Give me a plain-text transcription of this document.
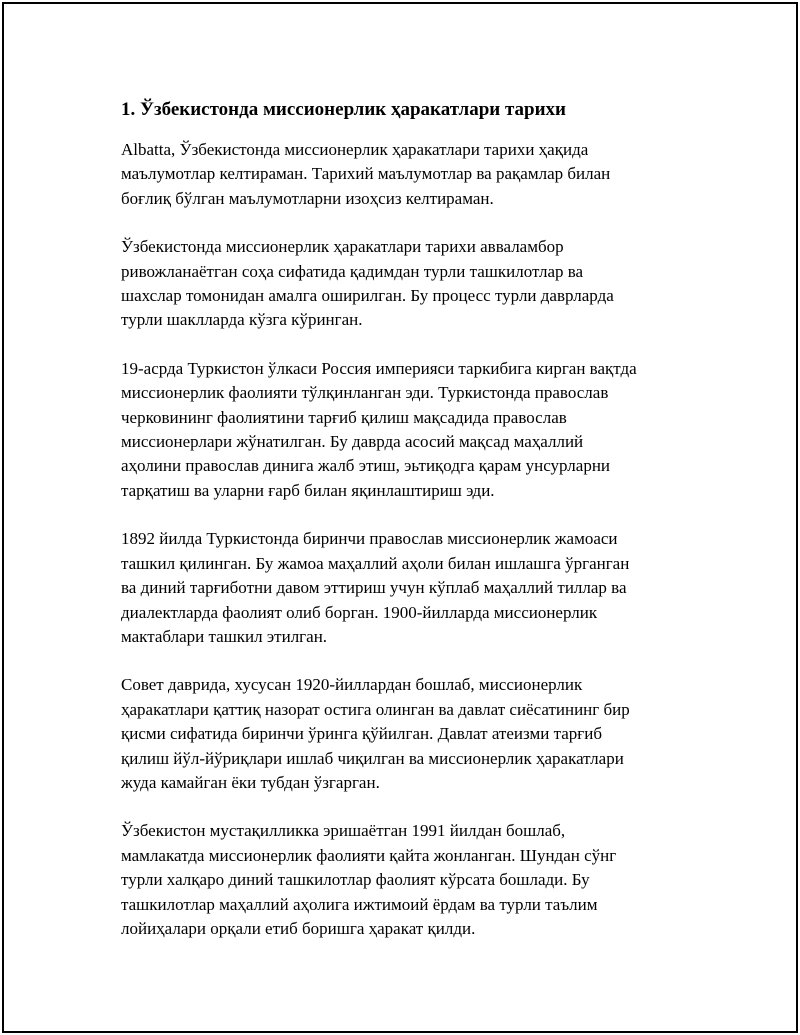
1. Ўзбекистонда миссионерлик ҳаракатлари тарихи

Albatta, Ўзбекистонда миссионерлик ҳаракатлари тарихи ҳақида
маълумотлар келтираман. Тарихий маълумотлар ва рақамлар билан
боғлиқ бўлган маълумотларни изоҳсиз келтираман.

Ўзбекистонда миссионерлик ҳаракатлари тарихи авваламбор
ривожланаётган соҳа сифатида қадимдан турли ташкилотлар ва
шахслар томонидан амалга оширилган. Бу процесс турли даврларда
турли шаклларда кўзга кўринган.

19-асрда Туркистон ўлкаси Россия империяси таркибига кирган вақтда
миссионерлик фаолияти тўлқинланган эди. Туркистонда православ
черковининг фаолиятини тарғиб қилиш мақсадида православ
миссионерлари жўнатилган. Бу даврда асосий мақсад маҳаллий
аҳолини православ динига жалб этиш, эьтиқодга қарам унсурларни
тарқатиш ва уларни ғарб билан яқинлаштириш эди.

1892 йилда Туркистонда биринчи православ миссионерлик жамоаси
ташкил қилинган. Бу жамоа маҳаллий аҳоли билан ишлашга ўрганган
ва диний тарғиботни давом эттириш учун кўплаб маҳаллий тиллар ва
диалектларда фаолият олиб борган. 1900-йилларда миссионерлик
мактаблари ташкил этилган.

Совет даврида, хусусан 1920-йиллардан бошлаб, миссионерлик
ҳаракатлари қаттиқ назорат остига олинган ва давлат сиёсатининг бир
қисми сифатида биринчи ўринга қўйилган. Давлат атеизми тарғиб
қилиш йўл-йўриқлари ишлаб чиқилган ва миссионерлик ҳаракатлари
жуда камайган ёки тубдан ўзгарган.

Ўзбекистон мустақилликка эришаётган 1991 йилдан бошлаб,
мамлакатда миссионерлик фаолияти қайта жонланган. Шундан сўнг
турли халқаро диний ташкилотлар фаолият кўрсата бошлади. Бу
ташкилотлар маҳаллий аҳолига ижтимоий ёрдам ва турли таълим
лойиҳалари орқали етиб боришга ҳаракат қилди.
